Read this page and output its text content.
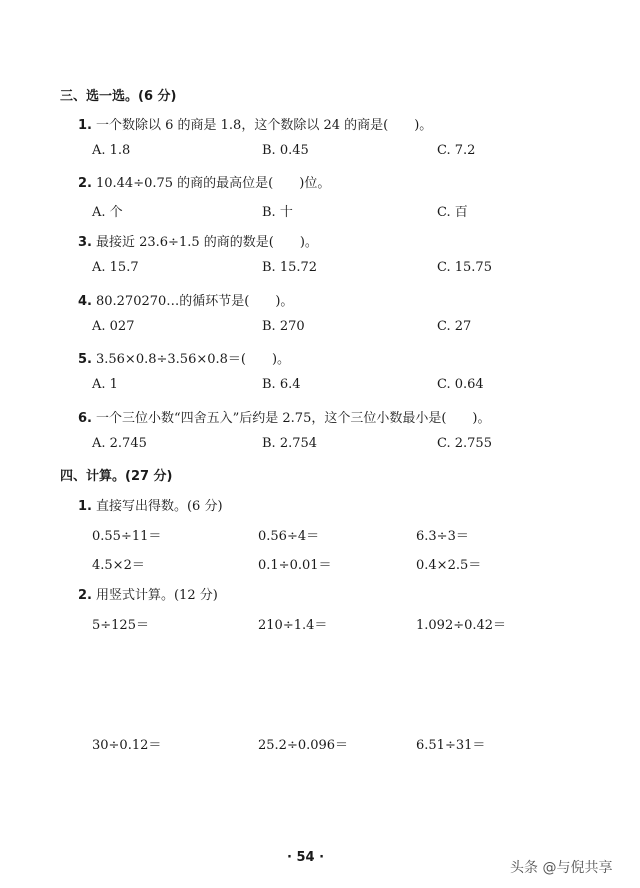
三、选一选。(6 分)
1. 一个数除以 6 的商是 1.8，这个数除以 24 的商是(　　)。
A. 1.8	B. 0.45	C. 7.2
2. 10.44÷0.75 的商的最高位是(　　)位。
A. 个	B. 十	C. 百
3. 最接近 23.6÷1.5 的商的数是(　　)。
A. 15.7	B. 15.72	C. 15.75
4. 80.270270…的循环节是(　　)。
A. 027	B. 270	C. 27
5. 3.56×0.8÷3.56×0.8＝(　　)。
A. 1	B. 6.4	C. 0.64
6. 一个三位小数“四舍五入”后约是 2.75，这个三位小数最小是(　　)。
A. 2.745	B. 2.754	C. 2.755
四、计算。(27 分)
1. 直接写出得数。(6 分)
0.55÷11＝	0.56÷4＝	6.3÷3＝
4.5×2＝	0.1÷0.01＝	0.4×2.5＝
2. 用竖式计算。(12 分)
5÷125＝	210÷1.4＝	1.092÷0.42＝
30÷0.12＝	25.2÷0.096＝	6.51÷31＝
· 54 ·
头条 @与倪共享
